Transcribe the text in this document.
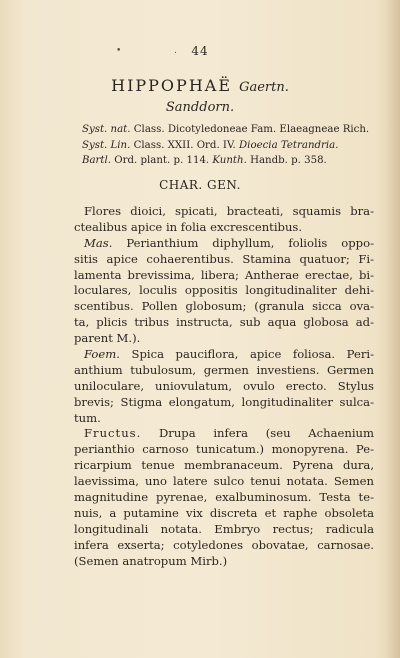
•	44
.
HIPPOPHAË Gaertn.
Sanddorn.
Syst. nat. Class. Dicotyledoneae Fam. Elaeagneae Rich.
Syst. Lin. Class. XXII. Ord. IV. Dioecia Tetrandria.
Bartl. Ord. plant. p. 114. Kunth. Handb. p. 358.
CHAR. GEN.
Flores dioici, spicati, bracteati, squamis bra-
ctealibus apice in folia excrescentibus.
Mas. Perianthium diphyllum, foliolis oppo-
sitis apice cohaerentibus. Stamina quatuor; Fi-
lamenta brevissima, libera; Antherae erectae, bi-
loculares, loculis oppositis longitudinaliter dehi-
scentibus. Pollen globosum; (granula sicca ova-
ta, plicis tribus instructa, sub aqua globosa ad-
parent M.).
Foem. Spica pauciflora, apice foliosa. Peri-
anthium tubulosum, germen investiens. Germen
uniloculare, uniovulatum, ovulo erecto. Stylus
brevis; Stigma elongatum, longitudinaliter sulca-
tum.
Fructus. Drupa infera (seu Achaenium
perianthio carnoso tunicatum.) monopyrena. Pe-
ricarpium tenue membranaceum. Pyrena dura,
laevissima, uno latere sulco tenui notata. Semen
magnitudine pyrenae, exalbuminosum. Testa te-
nuis, a putamine vix discreta et raphe obsoleta
longitudinali notata. Embryo rectus; radicula
infera exserta; cotyledones obovatae, carnosae.
(Semen anatropum Mirb.)
